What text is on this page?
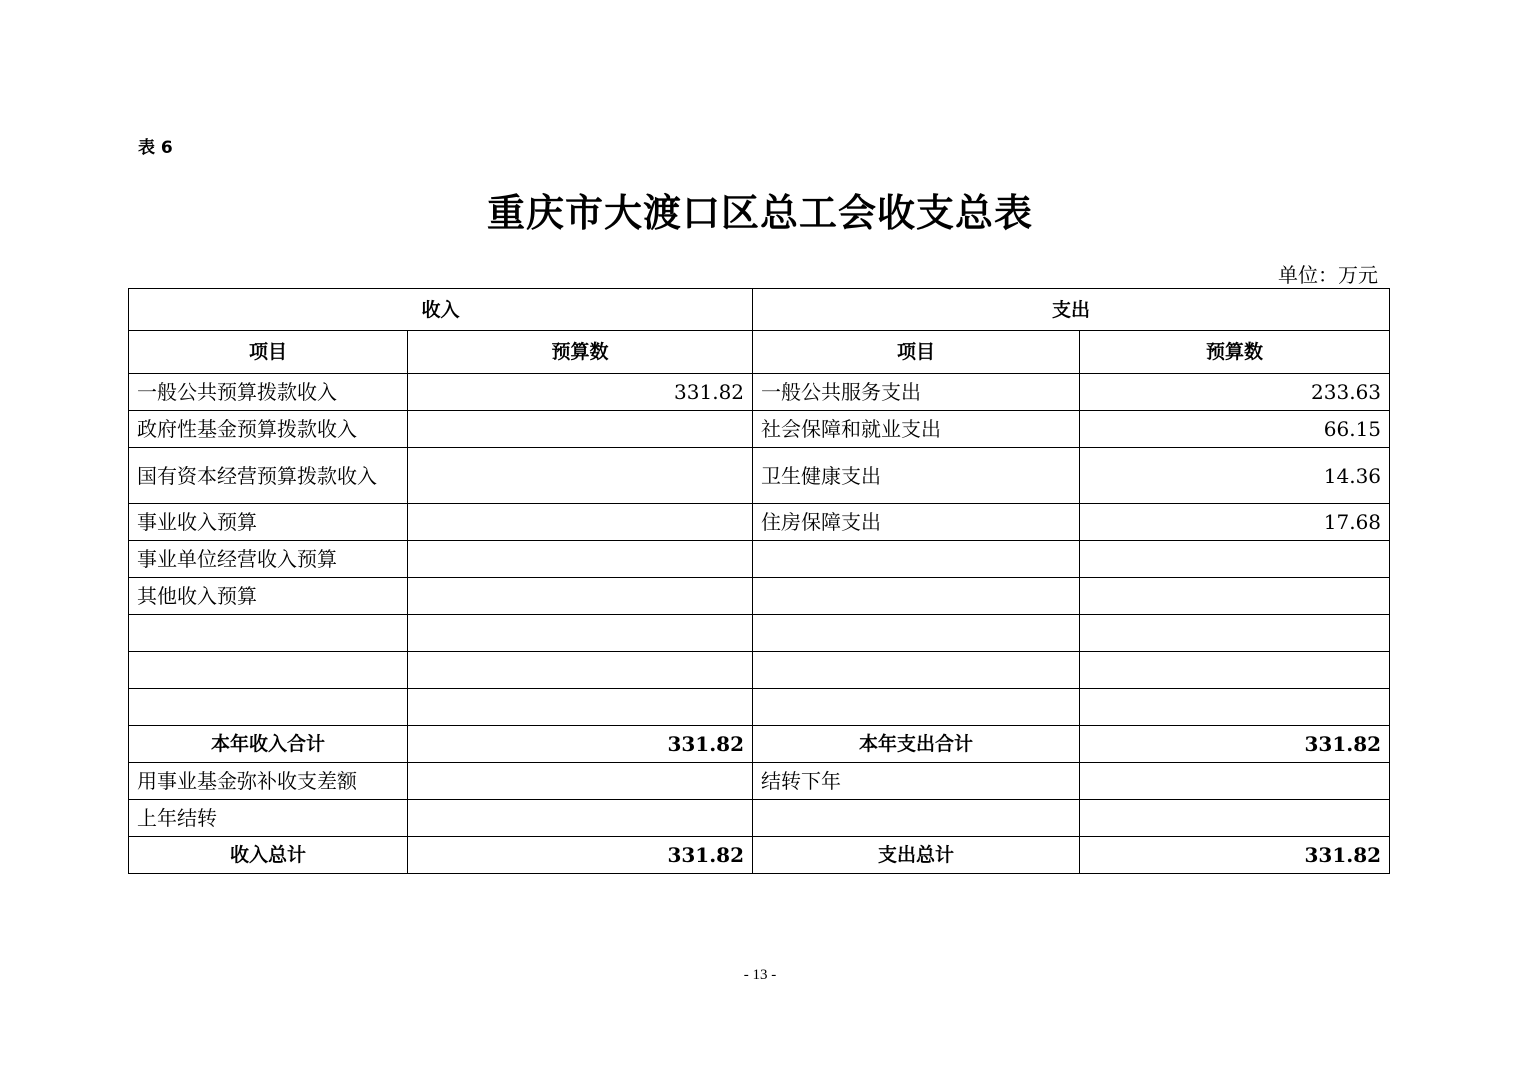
表 6
重庆市大渡口区总工会收支总表
单位：万元
收入		支出	
项目	预算数	项目	预算数
一般公共预算拨款收入	331.82	一般公共服务支出	233.63
政府性基金预算拨款收入		社会保障和就业支出	66.15
国有资本经营预算拨款收入		卫生健康支出	14.36
事业收入预算		住房保障支出	17.68
事业单位经营收入预算			
其他收入预算			

本年收入合计	331.82	本年支出合计	331.82
用事业基金弥补收支差额		结转下年	
上年结转			
收入总计	331.82	支出总计	331.82
- 13 -
